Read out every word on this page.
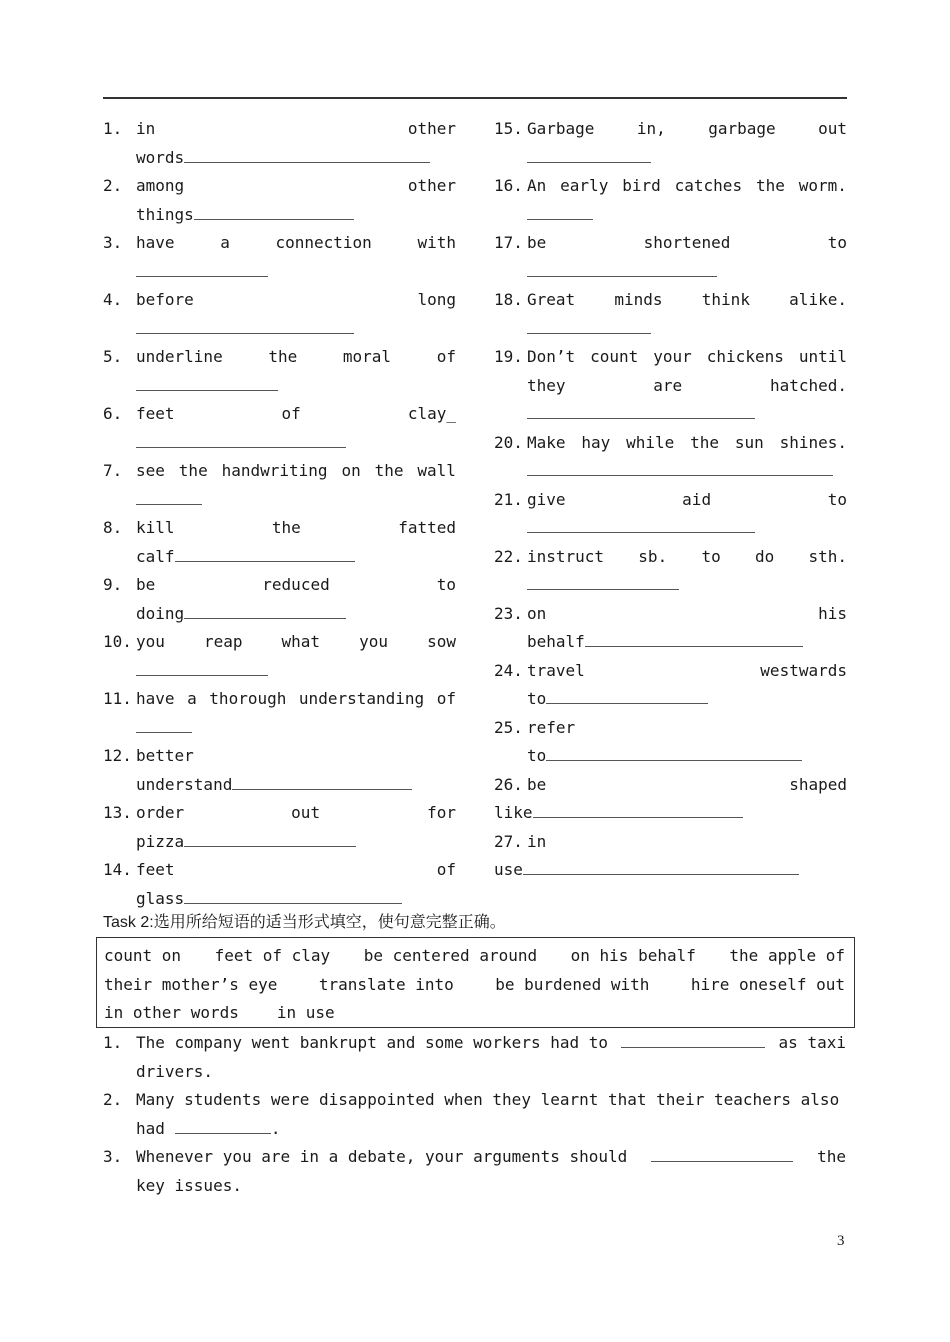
1. in	other
words
2. among	other
things
3. have	a	connection	with
4. before	long
5. underline	the	moral	of
6. feet	of	clay_
7. see the handwriting on the wall
8. kill	the	fatted
calf
9. be	reduced	to
doing
10. you reap what you sow
11. have a thorough understanding of
12. better
understand
13. order	out	for
pizza
14. feet	of
glass
15. Garbage	in,	garbage	out
16. An early bird catches the worm.
17. be	shortened	to
18. Great minds think alike.
19. Don’t count your chickens until
they	are	hatched.
20. Make hay while the sun shines.
21. give	aid	to
22. instruct sb. to do sth.
23. on	his
behalf
24. travel	westwards
to
25. refer
to
26. be	shaped
like
27. in
use
Task 2:选用所给短语的适当形式填空，使句意完整正确。
count on feet of clay be centered around on his behalf the apple of
their mother’s eye	translate into	be burdened with	hire oneself out
in other words in use
1. The company went bankrupt and some workers had to	as taxi
drivers.
2. Many students were disappointed when they learnt that their teachers also
had	.
3. Whenever you are in a debate, your arguments should	the
key issues.
3
